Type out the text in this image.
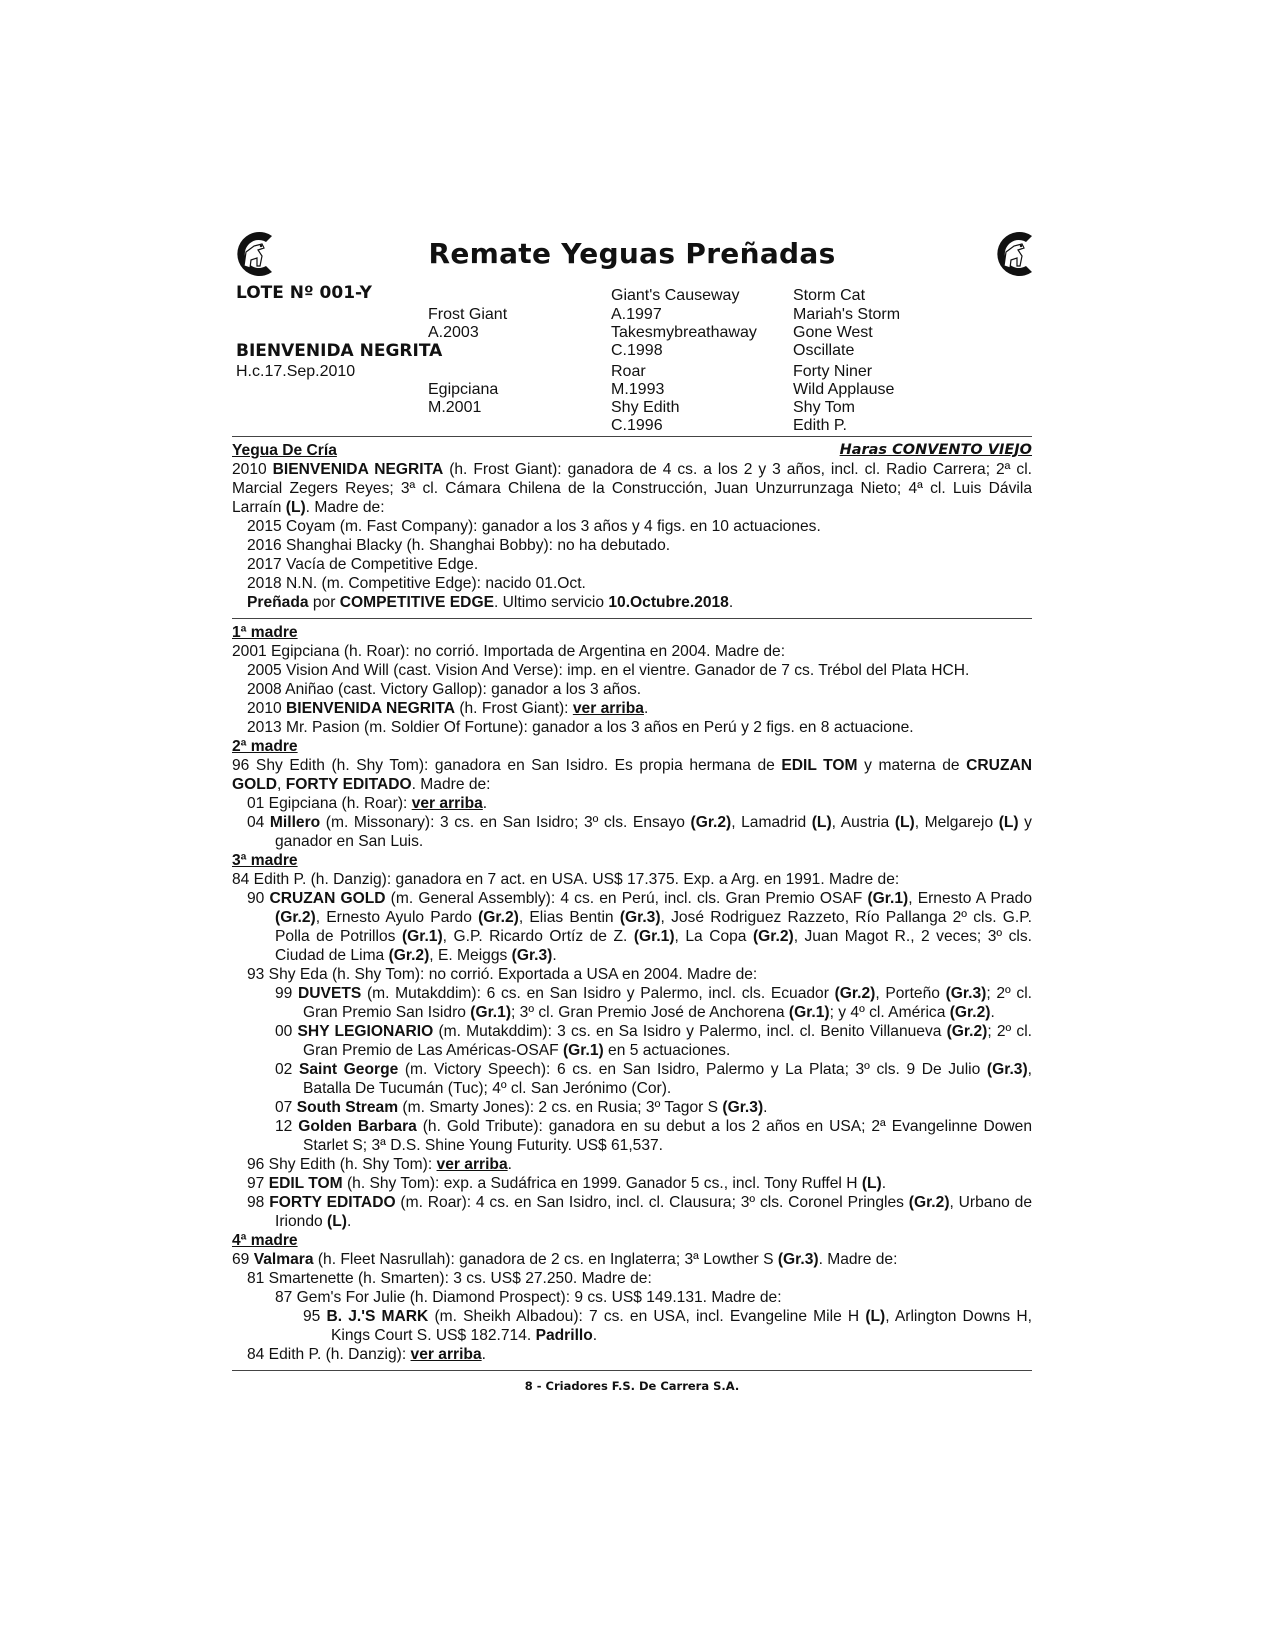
Remate Yeguas Preñadas
LOTE Nº 001-Y
BIENVENIDA NEGRITA
H.c.17.Sep.2010
Frost Giant
A.2003
Egipciana
M.2001
Giant's Causeway
A.1997
Takesmybreathaway
C.1998
Roar
M.1993
Shy Edith
C.1996
Storm Cat
Mariah's Storm
Gone West
Oscillate
Forty Niner
Wild Applause
Shy Tom
Edith P.
Yegua De Cría	Haras CONVENTO VIEJO

2010 BIENVENIDA NEGRITA (h. Frost Giant): ganadora de 4 cs. a los 2 y 3 años, incl. cl. Radio Carrera; 2ª cl. Marcial Zegers Reyes; 3ª cl. Cámara Chilena de la Construcción, Juan Unzurrunzaga Nieto; 4ª cl. Luis Dávila Larraín (L). Madre de:

2015 Coyam (m. Fast Company): ganador a los 3 años y 4 figs. en 10 actuaciones.
2016 Shanghai Blacky (h. Shanghai Bobby): no ha debutado.
2017 Vacía de Competitive Edge.
2018 N.N. (m. Competitive Edge): nacido 01.Oct.
Preñada por COMPETITIVE EDGE. Ultimo servicio 10.Octubre.2018.
1ª madre
2001 Egipciana (h. Roar): no corrió. Importada de Argentina en 2004. Madre de:
2005 Vision And Will (cast. Vision And Verse): imp. en el vientre. Ganador de 7 cs. Trébol del Plata HCH.
2008 Aniñao (cast. Victory Gallop): ganador a los 3 años.
2010 BIENVENIDA NEGRITA (h. Frost Giant): ver arriba.
2013 Mr. Pasion (m. Soldier Of Fortune): ganador a los 3 años en Perú y 2 figs. en 8 actuacione.
2ª madre

96 Shy Edith (h. Shy Tom): ganadora en San Isidro. Es propia hermana de EDIL TOM y materna de CRUZAN GOLD, FORTY EDITADO. Madre de:

01 Egipciana (h. Roar): ver arriba.
04 Millero (m. Missonary): 3 cs. en San Isidro; 3º cls. Ensayo (Gr.2), Lamadrid (L), Austria (L), Melgarejo (L) y ganador en San Luis.
3ª madre
84 Edith P. (h. Danzig): ganadora en 7 act. en USA. US$ 17.375. Exp. a Arg. en 1991. Madre de:
90 CRUZAN GOLD (m. General Assembly): 4 cs. en Perú, incl. cls. Gran Premio OSAF (Gr.1), Ernesto A Prado (Gr.2), Ernesto Ayulo Pardo (Gr.2), Elias Bentin (Gr.3), José Rodriguez Razzeto, Río Pallanga 2º cls. G.P. Polla de Potrillos (Gr.1), G.P. Ricardo Ortíz de Z. (Gr.1), La Copa (Gr.2), Juan Magot R., 2 veces; 3º cls. Ciudad de Lima (Gr.2), E. Meiggs (Gr.3).
93 Shy Eda (h. Shy Tom): no corrió. Exportada a USA en 2004. Madre de:
99 DUVETS (m. Mutakddim): 6 cs. en San Isidro y Palermo, incl. cls. Ecuador (Gr.2), Porteño (Gr.3); 2º cl. Gran Premio San Isidro (Gr.1); 3º cl. Gran Premio José de Anchorena (Gr.1); y 4º cl. América (Gr.2).
00 SHY LEGIONARIO (m. Mutakddim): 3 cs. en Sa Isidro y Palermo, incl. cl. Benito Villanueva (Gr.2); 2º cl. Gran Premio de Las Américas-OSAF (Gr.1) en 5 actuaciones.
02 Saint George (m. Victory Speech): 6 cs. en San Isidro, Palermo y La Plata; 3º cls. 9 De Julio (Gr.3), Batalla De Tucumán (Tuc); 4º cl. San Jerónimo (Cor).
07 South Stream (m. Smarty Jones): 2 cs. en Rusia; 3º Tagor S (Gr.3).
12 Golden Barbara (h. Gold Tribute): ganadora en su debut a los 2 años en USA; 2ª Evangelinne Dowen Starlet S; 3ª D.S. Shine Young Futurity. US$ 61,537.
96 Shy Edith (h. Shy Tom): ver arriba.
97 EDIL TOM (h. Shy Tom): exp. a Sudáfrica en 1999. Ganador 5 cs., incl. Tony Ruffel H (L).
98 FORTY EDITADO (m. Roar): 4 cs. en San Isidro, incl. cl. Clausura; 3º cls. Coronel Pringles (Gr.2), Urbano de Iriondo (L).
4ª madre
69 Valmara (h. Fleet Nasrullah): ganadora de 2 cs. en Inglaterra; 3ª Lowther S (Gr.3). Madre de:
81 Smartenette (h. Smarten): 3 cs. US$ 27.250. Madre de:
87 Gem's For Julie (h. Diamond Prospect): 9 cs. US$ 149.131. Madre de:
95 B. J.'S MARK (m. Sheikh Albadou): 7 cs. en USA, incl. Evangeline Mile H (L), Arlington Downs H, Kings Court S. US$ 182.714. Padrillo.
84 Edith P. (h. Danzig): ver arriba.
8 - Criadores F.S. De Carrera S.A.
